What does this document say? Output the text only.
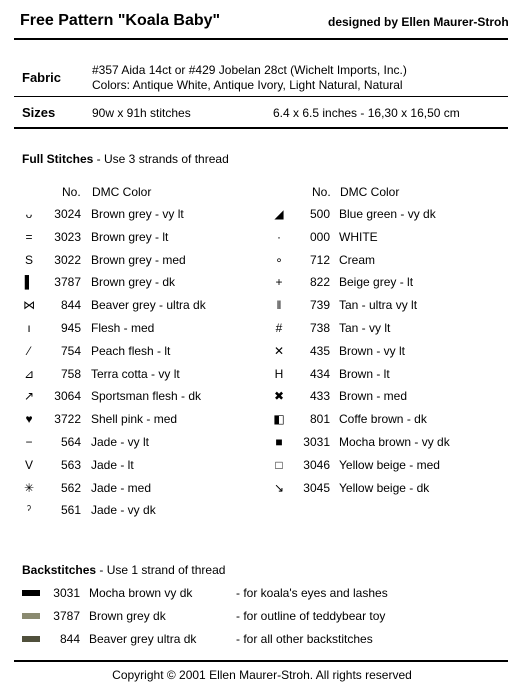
Free Pattern "Koala Baby"	designed by Ellen Maurer-Stroh
Fabric	#357 Aida 14ct or #429 Jobelan 28ct (Wichelt Imports, Inc.)
Colors: Antique White, Antique Ivory, Light Natural, Natural
Sizes	90w x 91h stitches	6.4 x 6.5 inches - 16,30 x 16,50 cm
Full Stitches - Use 3 strands of thread
No. DMC Color	No. DMC Color
ᴗ	3024 Brown grey - vy lt
=	3023 Brown grey - lt
S	3022 Brown grey - med
▌	3787 Brown grey - dk
⋈	844 Beaver grey - ultra dk
ı	945 Flesh - med
⁄	754 Peach flesh - lt
⊿	758 Terra cotta - vy lt
↗	3064 Sportsman flesh - dk
♥	3722 Shell pink - med
−	564 Jade - vy lt
V	563 Jade - lt
✳	562 Jade - med
ˀ	561 Jade - vy dk
◢	500 Blue green - vy dk
·	000 WHITE
∘	712 Cream
+	822 Beige grey - lt
‖	739 Tan - ultra vy lt
#	738 Tan - vy lt
✕	435 Brown - vy lt
H	434 Brown - lt
✖	433 Brown - med
◧	801 Coffe brown - dk
■	3031 Mocha brown - vy dk
□	3046 Yellow beige - med
↘	3045 Yellow beige - dk
Backstitches - Use 1 strand of thread
3031 Mocha brown vy dk	- for koala's eyes and lashes
3787 Brown grey dk	- for outline of teddybear toy
844 Beaver grey ultra dk	- for all other backstitches
Copyright © 2001 Ellen Maurer-Stroh. All rights reserved
